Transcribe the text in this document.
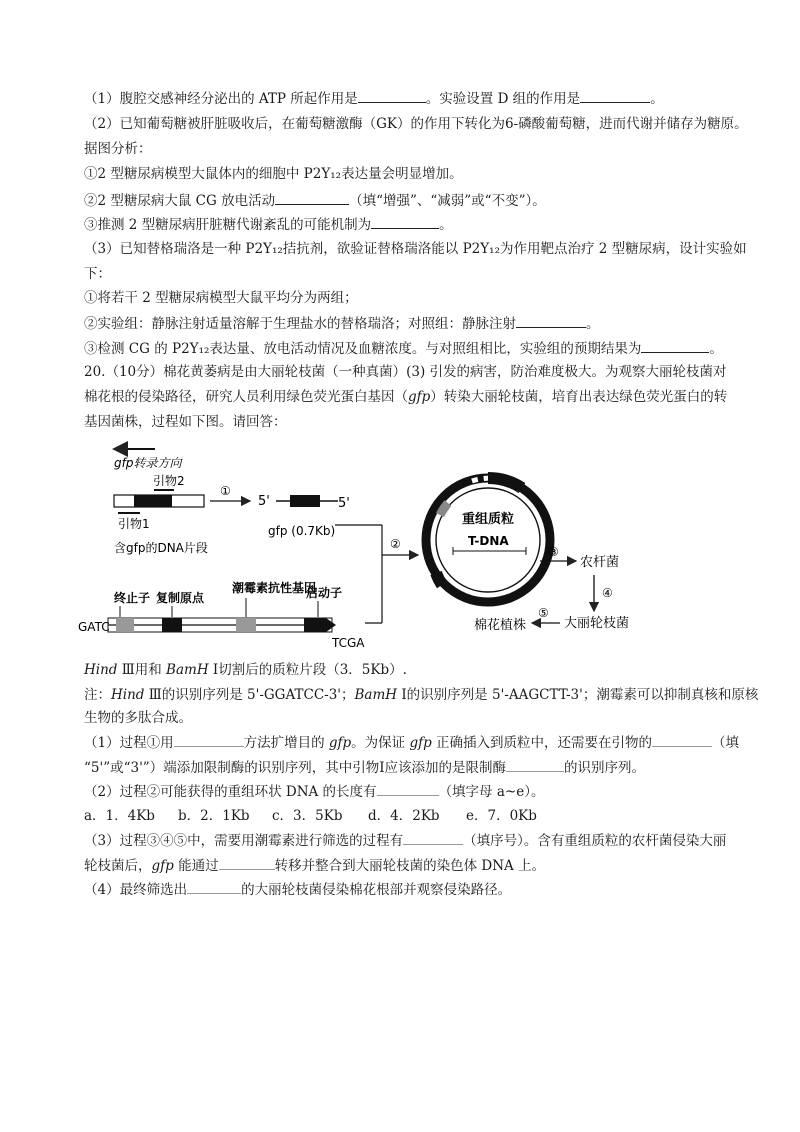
（1）腹腔交感神经分泌出的 ATP 所起作用是	。实验设置 D 组的作用是	。
（2）已知葡萄糖被肝脏吸收后，在葡萄糖激酶（GK）的作用下转化为6-磷酸葡萄糖，进而代谢并储存为糖原。
据图分析：
①2 型糖尿病模型大鼠体内的细胞中 P2Y₁₂表达量会明显增加。
②2 型糖尿病大鼠 CG 放电活动	（填“增强”、“减弱”或“不变”）。
③推测 2 型糖尿病肝脏糖代谢紊乱的可能机制为	。
（3）已知替格瑞洛是一种 P2Y₁₂拮抗剂，欲验证替格瑞洛能以 P2Y₁₂为作用靶点治疗 2 型糖尿病，设计实验如
下：
①将若干 2 型糖尿病模型大鼠平均分为两组；
②实验组：静脉注射适量溶解于生理盐水的替格瑞洛；对照组：静脉注射	。
③检测 CG 的 P2Y₁₂表达量、放电活动情况及血糖浓度。与对照组相比，实验组的预期结果为	。
20.（10分）棉花黄萎病是由大丽轮枝菌（一种真菌）(3) 引发的病害，防治难度极大。为观察大丽轮枝菌对
棉花根的侵染路径，研究人员利用绿色荧光蛋白基因（gfp）转染大丽轮枝菌，培育出表达绿色荧光蛋白的转
基因菌株，过程如下图。请回答：
gfp转录方向
引物2
引物1
含gfp的DNA片段
①
5'	5'
gfp (0.7Kb)
②
重组质粒
T-DNA
③
农杆菌
④
大丽轮枝菌
⑤
棉花植株
终止子 复制原点
潮霉素抗性基因
启动子
GATC
TCGA
Hind Ⅲ用和 BamH Ⅰ切割后的质粒片段（3．5Kb）.
注：Hind Ⅲ的识别序列是 5'-GGATCC-3'；BamH Ⅰ的识别序列是 5'-AAGCTT-3'；潮霉素可以抑制真核和原核
生物的多肽合成。
（1）过程①用	方法扩增目的 gfp。为保证 gfp 正确插入到质粒中，还需要在引物的	（填
“5'”或“3'”）端添加限制酶的识别序列，其中引物Ⅰ应该添加的是限制酶	的识别序列。
（2）过程②可能获得的重组环状 DNA 的长度有	（填字母 a~e）。
a．1．4Kb b．2．1Kb c．3．5Kb d．4．2Kb e．7．0Kb
（3）过程③④⑤中，需要用潮霉素进行筛选的过程有	（填序号）。含有重组质粒的农杆菌侵染大丽
轮枝菌后，gfp 能通过	转移并整合到大丽轮枝菌的染色体 DNA 上。
（4）最终筛选出	的大丽轮枝菌侵染棉花根部并观察侵染路径。
